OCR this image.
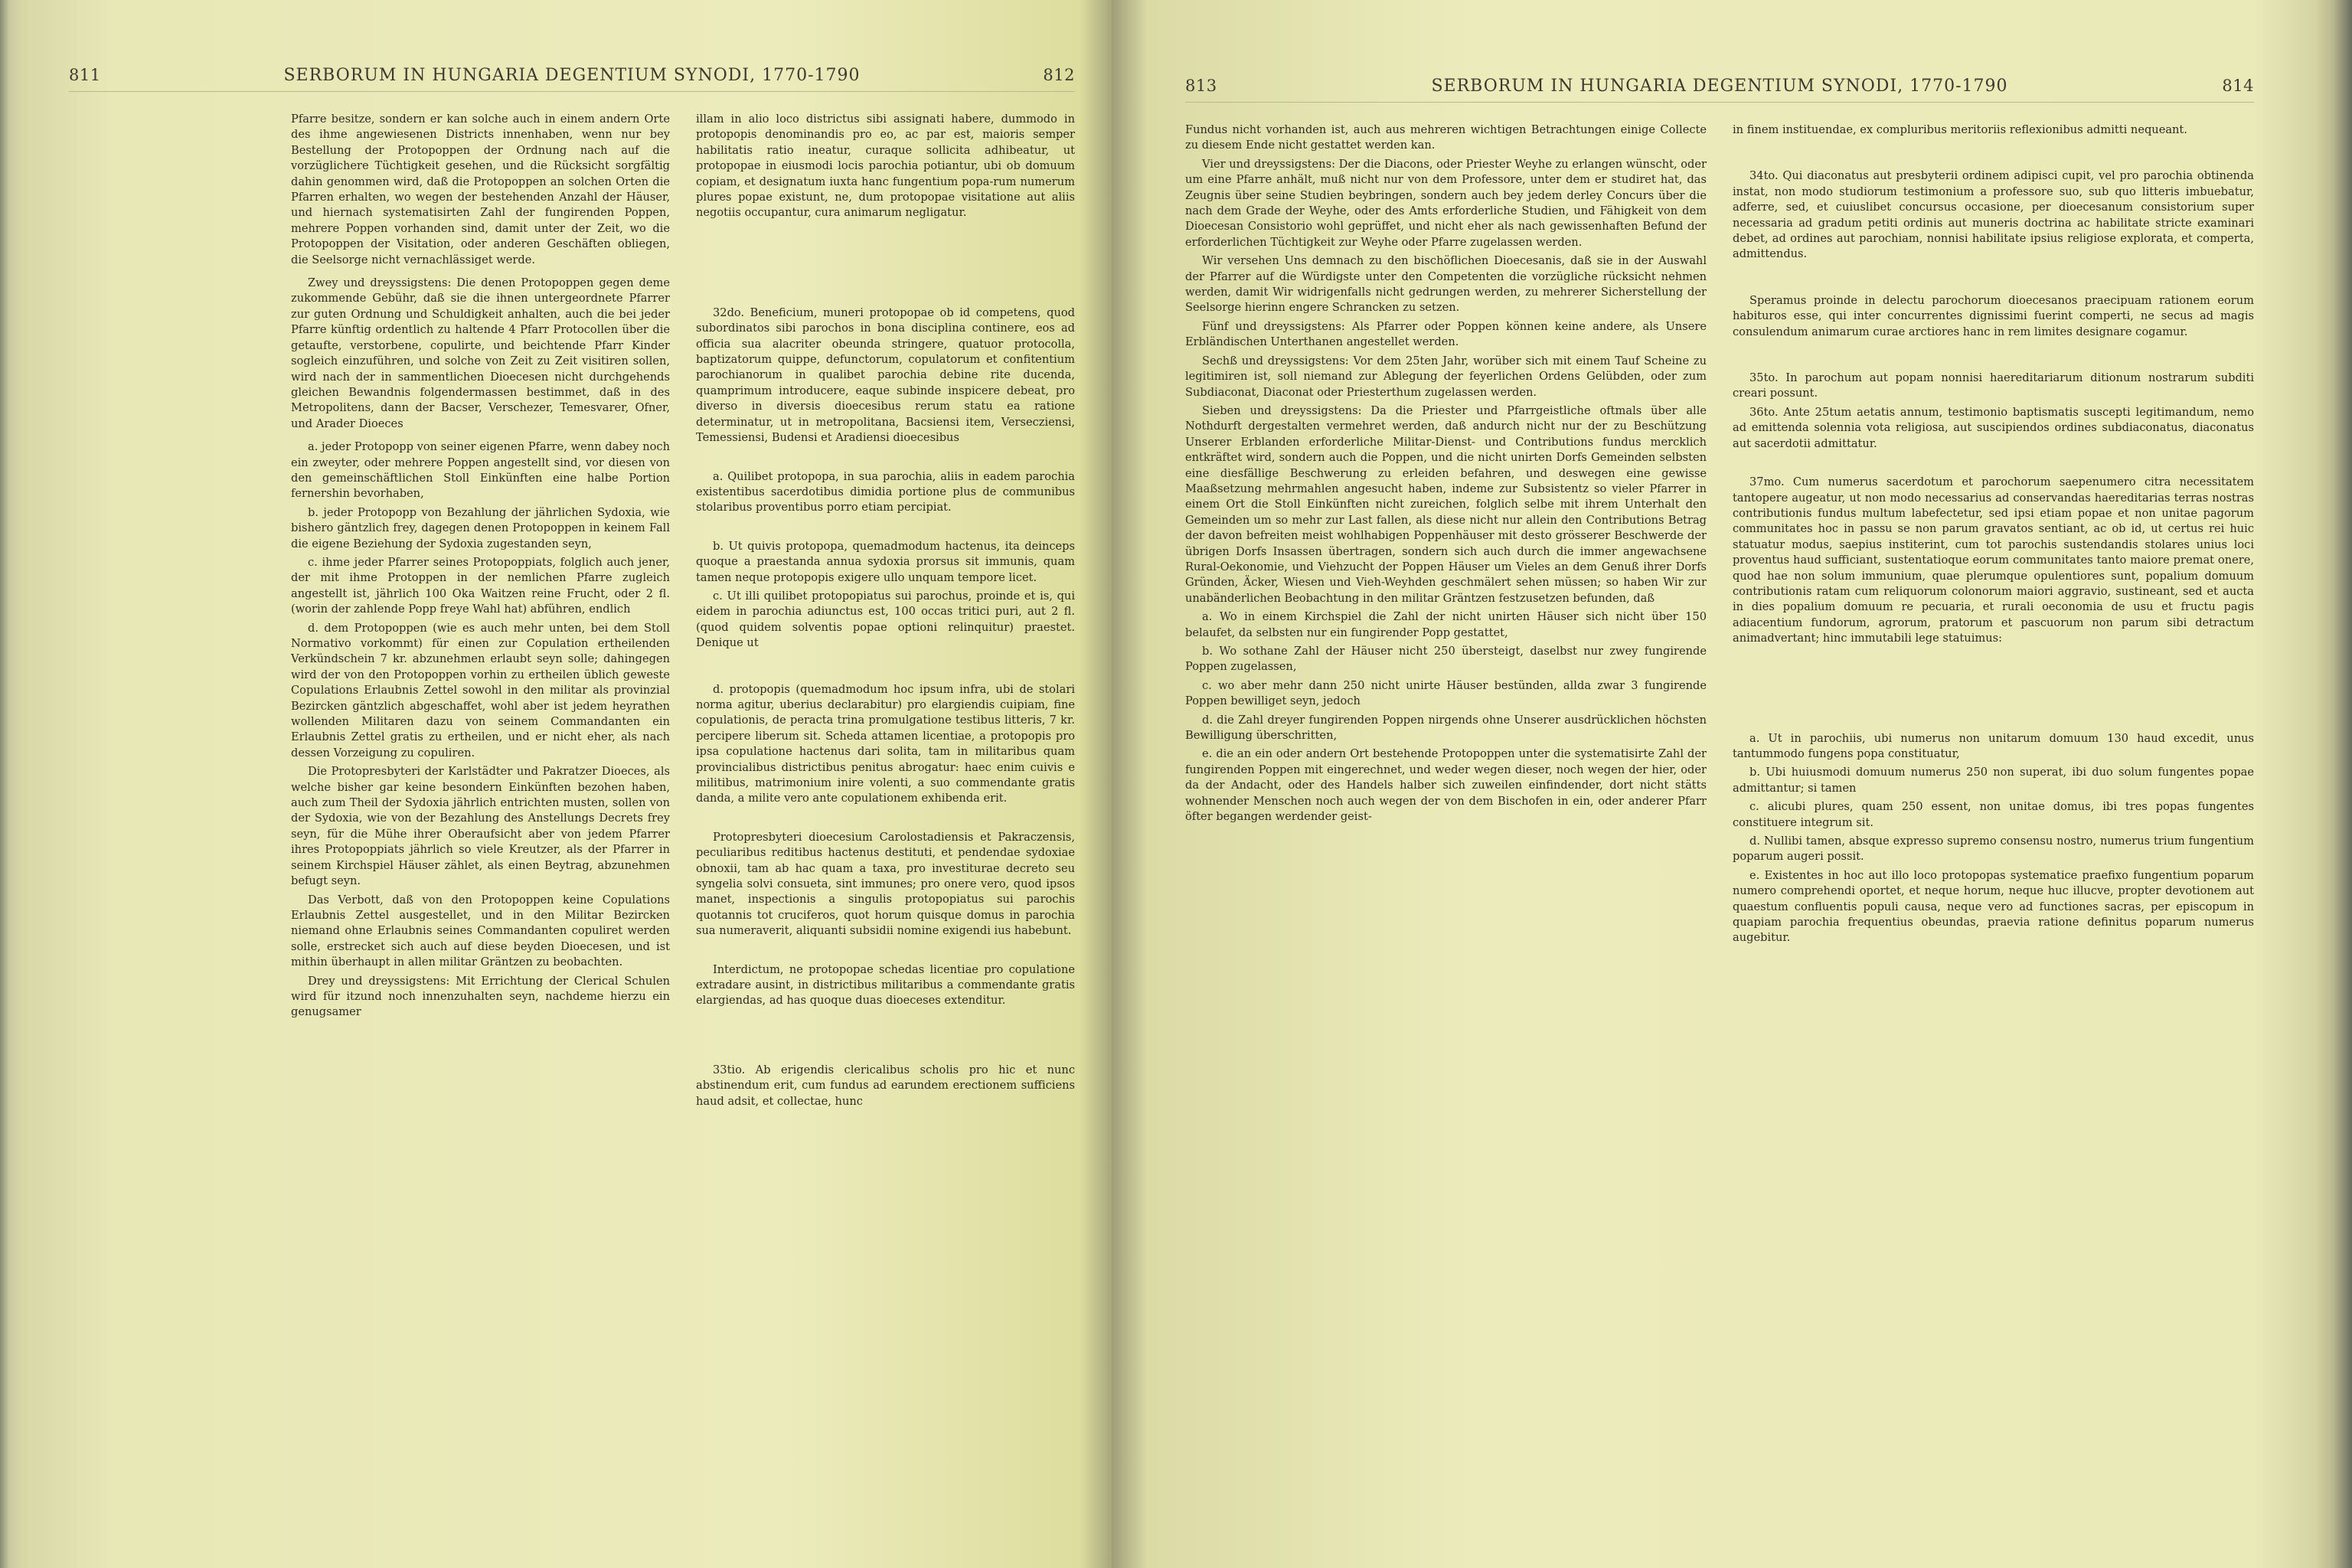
811	SERBORUM IN HUNGARIA DEGENTIUM SYNODI, 1770-1790	812

Pfarre besitze, sondern er kan solche auch in einem andern Orte des ihme angewiesenen Districts innenhaben, wenn nur bey Bestellung der Protopoppen der Ordnung nach auf die vorzüglichere Tüchtigkeit gesehen, und die Rücksicht sorgfältig dahin genommen wird, daß die Protopoppen an solchen Orten die Pfarren erhalten, wo wegen der bestehenden Anzahl der Häuser, und hiernach systematisirten Zahl der fungirenden Poppen, mehrere Poppen vorhanden sind, damit unter der Zeit, wo die Protopoppen der Visitation, oder anderen Geschäften obliegen, die Seelsorge nicht vernachlässiget werde.

Zwey und dreyssigstens: Die denen Protopoppen gegen deme zukommende Gebühr, daß sie die ihnen untergeordnete Pfarrer zur guten Ordnung und Schuldigkeit anhalten, auch die bei jeder Pfarre künftig ordentlich zu haltende 4 Pfarr Protocollen über die getaufte, verstorbene, copulirte, und beichtende Pfarr Kinder sogleich einzuführen, und solche von Zeit zu Zeit visitiren sollen, wird nach der in sammentlichen Dioecesen nicht durchgehends gleichen Bewandnis folgendermassen bestimmet, daß in des Metropolitens, dann der Bacser, Verschezer, Temesvarer, Ofner, und Arader Dioeces

a. jeder Protopopp von seiner eigenen Pfarre, wenn dabey noch ein zweyter, oder mehrere Poppen angestellt sind, vor diesen von den gemeinschäftlichen Stoll Einkünften eine halbe Portion fernershin bevorhaben,

b. jeder Protopopp von Bezahlung der jährlichen Sydoxia, wie bishero gäntzlich frey, dagegen denen Protopoppen in keinem Fall die eigene Beziehung der Sydoxia zugestanden seyn,

c. ihme jeder Pfarrer seines Protopoppiats, folglich auch jener, der mit ihme Protoppen in der nemlichen Pfarre zugleich angestellt ist, jährlich 100 Oka Waitzen reine Frucht, oder 2 fl. (worin der zahlende Popp freye Wahl hat) abführen, endlich

d. dem Protopoppen (wie es auch mehr unten, bei dem Stoll Normativo vorkommt) für einen zur Copulation ertheilenden Verkündschein 7 kr. abzunehmen erlaubt seyn solle; dahingegen wird der von den Protopoppen vorhin zu ertheilen üblich geweste Copulations Erlaubnis Zettel sowohl in den militar als provinzial Bezircken gäntzlich abgeschaffet, wohl aber ist jedem heyrathen wollenden Militaren dazu von seinem Commandanten ein Erlaubnis Zettel gratis zu ertheilen, und er nicht eher, als nach dessen Vorzeigung zu copuliren.

Die Protopresbyteri der Karlstädter und Pakratzer Dioeces, als welche bisher gar keine besondern Einkünften bezohen haben, auch zum Theil der Sydoxia jährlich entrichten musten, sollen von der Sydoxia, wie von der Bezahlung des Anstellungs Decrets frey seyn, für die Mühe ihrer Oberaufsicht aber von jedem Pfarrer ihres Protopoppiats jährlich so viele Kreutzer, als der Pfarrer in seinem Kirchspiel Häuser zählet, als einen Beytrag, abzunehmen befugt seyn.

Das Verbott, daß von den Protopoppen keine Copulations Erlaubnis Zettel ausgestellet, und in den Militar Bezircken niemand ohne Erlaubnis seines Commandanten copuliret werden solle, erstrecket sich auch auf diese beyden Dioecesen, und ist mithin überhaupt in allen militar Gräntzen zu beobachten.

Drey und dreyssigstens: Mit Errichtung der Clerical Schulen wird für itzund noch innenzuhalten seyn, nachdeme hierzu ein genugsamer

illam in alio loco districtus sibi assignati habere, dummodo in protopopis denominandis pro eo, ac par est, maioris semper habilitatis ratio ineatur, curaque sollicita adhibeatur, ut protopopae in eiusmodi locis parochia potiantur, ubi ob domuum copiam, et designatum iuxta hanc fungentium popa-rum numerum plures popae existunt, ne, dum protopopae visitatione aut aliis negotiis occupantur, cura animarum negligatur.

32do. Beneficium, muneri protopopae ob id competens, quod subordinatos sibi parochos in bona disciplina continere, eos ad officia sua alacriter obeunda stringere, quatuor protocolla, baptizatorum quippe, defunctorum, copulatorum et confitentium parochianorum in qualibet parochia debine rite ducenda, quamprimum introducere, eaque subinde inspicere debeat, pro diverso in diversis dioecesibus rerum statu ea ratione determinatur, ut in metropolitana, Bacsiensi item, Versecziensi, Temessiensi, Budensi et Aradiensi dioecesibus

a. Quilibet protopopa, in sua parochia, aliis in eadem parochia existentibus sacerdotibus dimidia portione plus de communibus stolaribus proventibus porro etiam percipiat.

b. Ut quivis protopopa, quemadmodum hactenus, ita deinceps quoque a praestanda annua sydoxia prorsus sit immunis, quam tamen neque protopopis exigere ullo unquam tempore licet.

c. Ut illi quilibet protopopiatus sui parochus, proinde et is, qui eidem in parochia adiunctus est, 100 occas tritici puri, aut 2 fl. (quod quidem solventis popae optioni relinquitur) praestet. Denique ut

d. protopopis (quemadmodum hoc ipsum infra, ubi de stolari norma agitur, uberius declarabitur) pro elargiendis cuipiam, fine copulationis, de peracta trina promulgatione testibus litteris, 7 kr. percipere liberum sit. Scheda attamen licentiae, a protopopis pro ipsa copulatione hactenus dari solita, tam in militaribus quam provincialibus districtibus penitus abrogatur: haec enim cuivis e militibus, matrimonium inire volenti, a suo commendante gratis danda, a milite vero ante copulationem exhibenda erit.

Protopresbyteri dioecesium Carolostadiensis et Pakraczensis, peculiaribus reditibus hactenus destituti, et pendendae sydoxiae obnoxii, tam ab hac quam a taxa, pro investiturae decreto seu syngelia solvi consueta, sint immunes; pro onere vero, quod ipsos manet, inspectionis a singulis protopopiatus sui parochis quotannis tot cruciferos, quot horum quisque domus in parochia sua numeraverit, aliquanti subsidii nomine exigendi ius habebunt.

Interdictum, ne protopopae schedas licentiae pro copulatione extradare ausint, in districtibus militaribus a commendante gratis elargiendas, ad has quoque duas dioeceses extenditur.

33tio. Ab erigendis clericalibus scholis pro hic et nunc abstinendum erit, cum fundus ad earundem erectionem sufficiens haud adsit, et collectae, hunc

813	SERBORUM IN HUNGARIA DEGENTIUM SYNODI, 1770-1790	814

Fundus nicht vorhanden ist, auch aus mehreren wichtigen Betrachtungen einige Collecte zu diesem Ende nicht gestattet werden kan.

Vier und dreyssigstens: Der die Diacons, oder Priester Weyhe zu erlangen wünscht, oder um eine Pfarre anhält, muß nicht nur von dem Professore, unter dem er studiret hat, das Zeugnis über seine Studien beybringen, sondern auch bey jedem derley Concurs über die nach dem Grade der Weyhe, oder des Amts erforderliche Studien, und Fähigkeit von dem Dioecesan Consistorio wohl geprüffet, und nicht eher als nach gewissenhaften Befund der erforderlichen Tüchtigkeit zur Weyhe oder Pfarre zugelassen werden.

Wir versehen Uns demnach zu den bischöflichen Dioecesanis, daß sie in der Auswahl der Pfarrer auf die Würdigste unter den Competenten die vorzügliche rücksicht nehmen werden, damit Wir widrigenfalls nicht gedrungen werden, zu mehrerer Sicherstellung der Seelsorge hierinn engere Schrancken zu setzen.

Fünf und dreyssigstens: Als Pfarrer oder Poppen können keine andere, als Unsere Erbländischen Unterthanen angestellet werden.

Sechß und dreyssigstens: Vor dem 25ten Jahr, worüber sich mit einem Tauf Scheine zu legitimiren ist, soll niemand zur Ablegung der feyerlichen Ordens Gelübden, oder zum Subdiaconat, Diaconat oder Priesterthum zugelassen werden.

Sieben und dreyssigstens: Da die Priester und Pfarrgeistliche oftmals über alle Nothdurft dergestalten vermehret werden, daß andurch nicht nur der zu Beschützung Unserer Erblanden erforderliche Militar-Dienst- und Contributions fundus mercklich entkräftet wird, sondern auch die Poppen, und die nicht unirten Dorfs Gemeinden selbsten eine diesfällige Beschwerung zu erleiden befahren, und deswegen eine gewisse Maaßsetzung mehrmahlen angesucht haben, indeme zur Subsistentz so vieler Pfarrer in einem Ort die Stoll Einkünften nicht zureichen, folglich selbe mit ihrem Unterhalt den Gemeinden um so mehr zur Last fallen, als diese nicht nur allein den Contributions Betrag der davon befreiten meist wohlhabigen Poppenhäuser mit desto grösserer Beschwerde der übrigen Dorfs Insassen übertragen, sondern sich auch durch die immer angewachsene Rural-Oekonomie, und Viehzucht der Poppen Häuser um Vieles an dem Genuß ihrer Dorfs Gründen, Äcker, Wiesen und Vieh-Weyhden geschmälert sehen müssen; so haben Wir zur unabänderlichen Beobachtung in den militar Gräntzen festzusetzen befunden, daß

a. Wo in einem Kirchspiel die Zahl der nicht unirten Häuser sich nicht über 150 belaufet, da selbsten nur ein fungirender Popp gestattet,

b. Wo sothane Zahl der Häuser nicht 250 übersteigt, daselbst nur zwey fungirende Poppen zugelassen,

c. wo aber mehr dann 250 nicht unirte Häuser bestünden, allda zwar 3 fungirende Poppen bewilliget seyn, jedoch

d. die Zahl dreyer fungirenden Poppen nirgends ohne Unserer ausdrücklichen höchsten Bewilligung überschritten,

e. die an ein oder andern Ort bestehende Protopoppen unter die systematisirte Zahl der fungirenden Poppen mit eingerechnet, und weder wegen dieser, noch wegen der hier, oder da der Andacht, oder des Handels halber sich zuweilen einfindender, dort nicht stätts wohnender Menschen noch auch wegen der von dem Bischofen in ein, oder anderer Pfarr öfter begangen werdender geist-

in finem instituendae, ex compluribus meritoriis reflexionibus admitti nequeant.

34to. Qui diaconatus aut presbyterii ordinem adipisci cupit, vel pro parochia obtinenda instat, non modo studiorum testimonium a professore suo, sub quo litteris imbuebatur, adferre, sed, et cuiuslibet concursus occasione, per dioecesanum consistorium super necessaria ad gradum petiti ordinis aut muneris doctrina ac habilitate stricte examinari debet, ad ordines aut parochiam, nonnisi habilitate ipsius religiose explorata, et comperta, admittendus.

Speramus proinde in delectu parochorum dioecesanos praecipuam rationem eorum habituros esse, qui inter concurrentes dignissimi fuerint comperti, ne secus ad magis consulendum animarum curae arctiores hanc in rem limites designare cogamur.

35to. In parochum aut popam nonnisi haereditariarum ditionum nostrarum subditi creari possunt.

36to. Ante 25tum aetatis annum, testimonio baptismatis suscepti legitimandum, nemo ad emittenda solennia vota religiosa, aut suscipiendos ordines subdiaconatus, diaconatus aut sacerdotii admittatur.

37mo. Cum numerus sacerdotum et parochorum saepenumero citra necessitatem tantopere augeatur, ut non modo necessarius ad conservandas haereditarias terras nostras contributionis fundus multum labefectetur, sed ipsi etiam popae et non unitae pagorum communitates hoc in passu se non parum gravatos sentiant, ac ob id, ut certus rei huic statuatur modus, saepius institerint, cum tot parochis sustendandis stolares unius loci proventus haud sufficiant, sustentatioque eorum communitates tanto maiore premat onere, quod hae non solum immunium, quae plerumque opulentiores sunt, popalium domuum contributionis ratam cum reliquorum colonorum maiori aggravio, sustineant, sed et aucta in dies popalium domuum re pecuaria, et rurali oeconomia de usu et fructu pagis adiacentium fundorum, agrorum, pratorum et pascuorum non parum sibi detractum animadvertant; hinc immutabili lege statuimus:

a. Ut in parochiis, ubi numerus non unitarum domuum 130 haud excedit, unus tantummodo fungens popa constituatur,

b. Ubi huiusmodi domuum numerus 250 non superat, ibi duo solum fungentes popae admittantur; si tamen

c. alicubi plures, quam 250 essent, non unitae domus, ibi tres popas fungentes constituere integrum sit.

d. Nullibi tamen, absque expresso supremo consensu nostro, numerus trium fungentium poparum augeri possit.

e. Existentes in hoc aut illo loco protopopas systematice praefixo fungentium poparum numero comprehendi oportet, et neque horum, neque huc illucve, propter devotionem aut quaestum confluentis populi causa, neque vero ad functiones sacras, per episcopum in quapiam parochia frequentius obeundas, praevia ratione definitus poparum numerus augebitur.
